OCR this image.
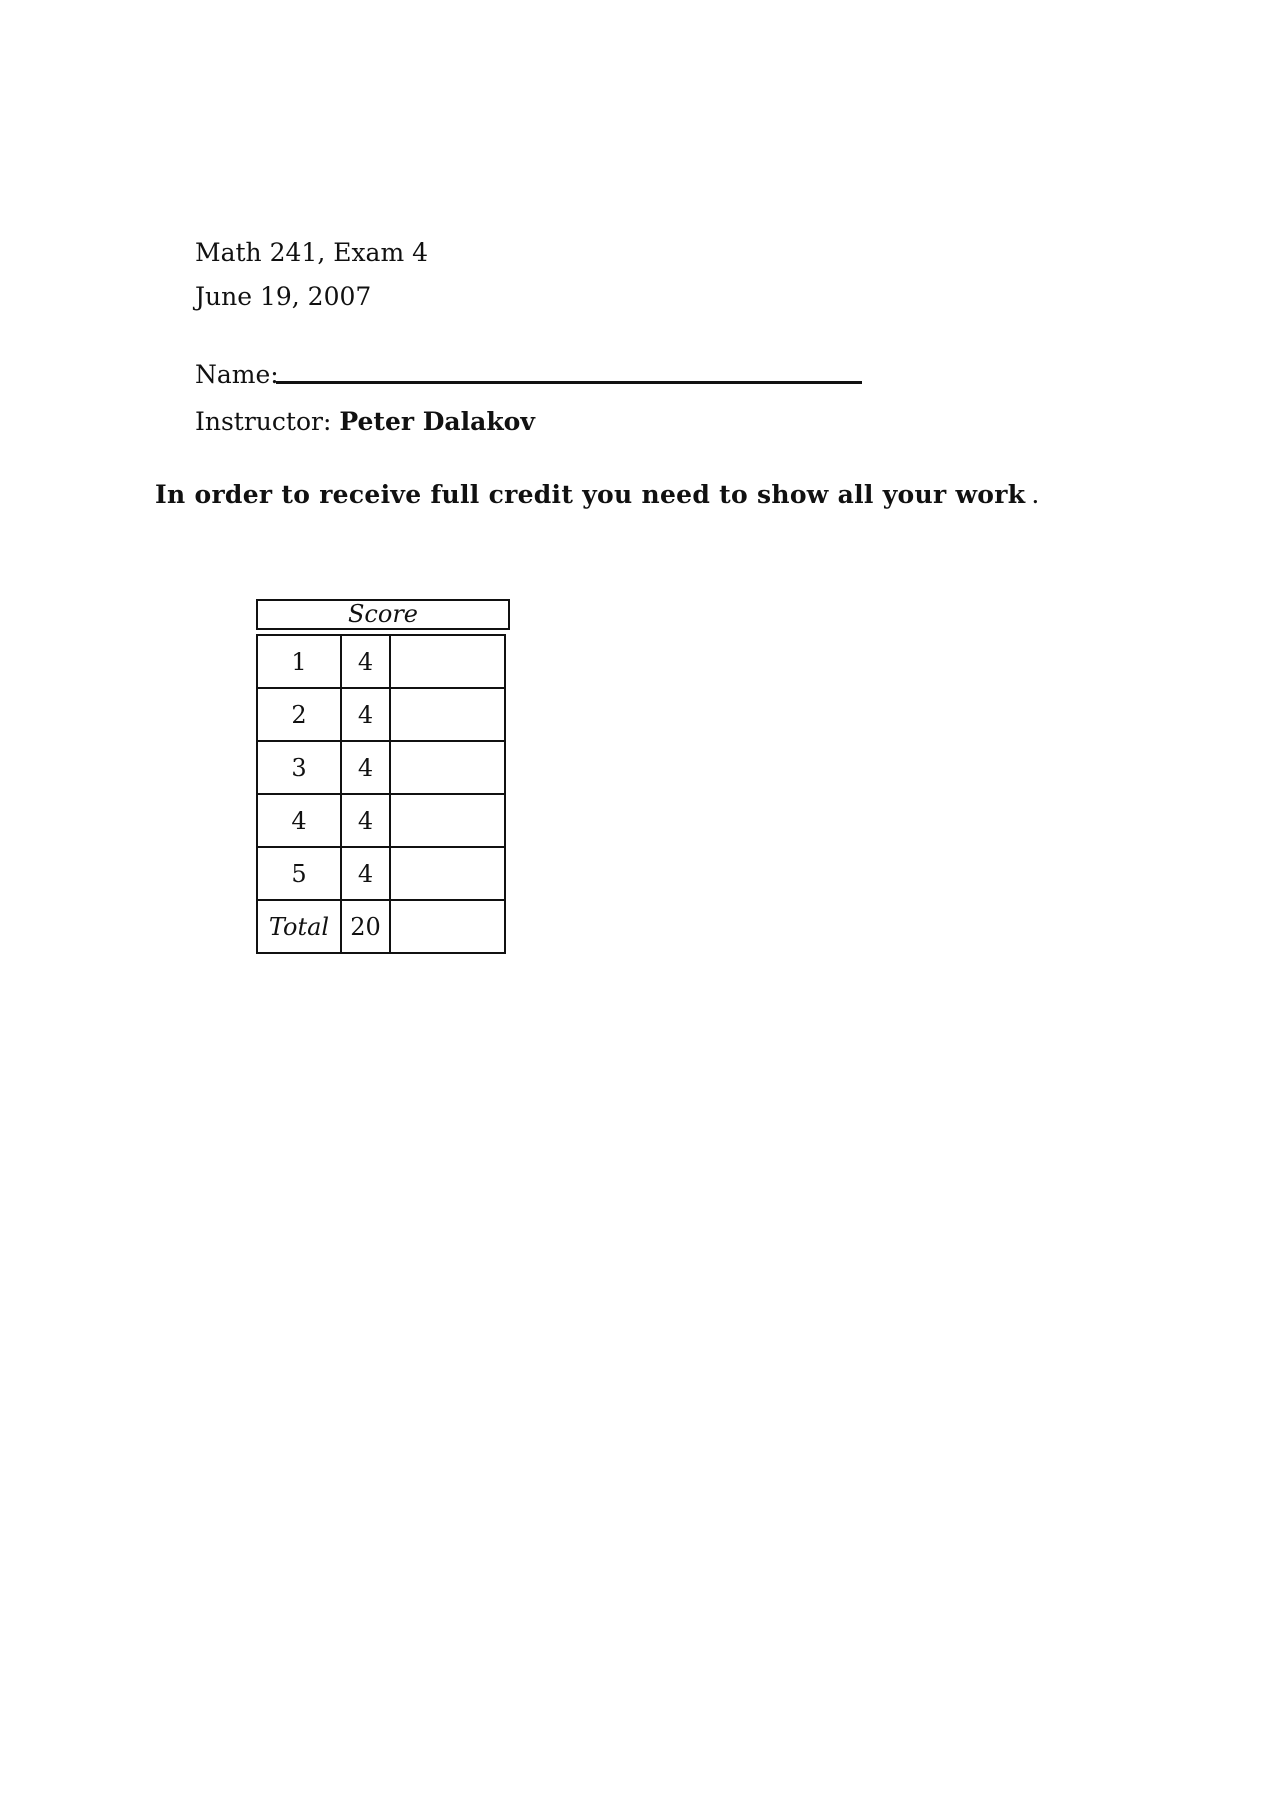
Math 241, Exam 4
June 19, 2007
Name:
Instructor: Peter Dalakov
In order to receive full credit you need to show all your work .
Score
1	4	
2	4	
3	4	
4	4	
5	4	
Total	20	
